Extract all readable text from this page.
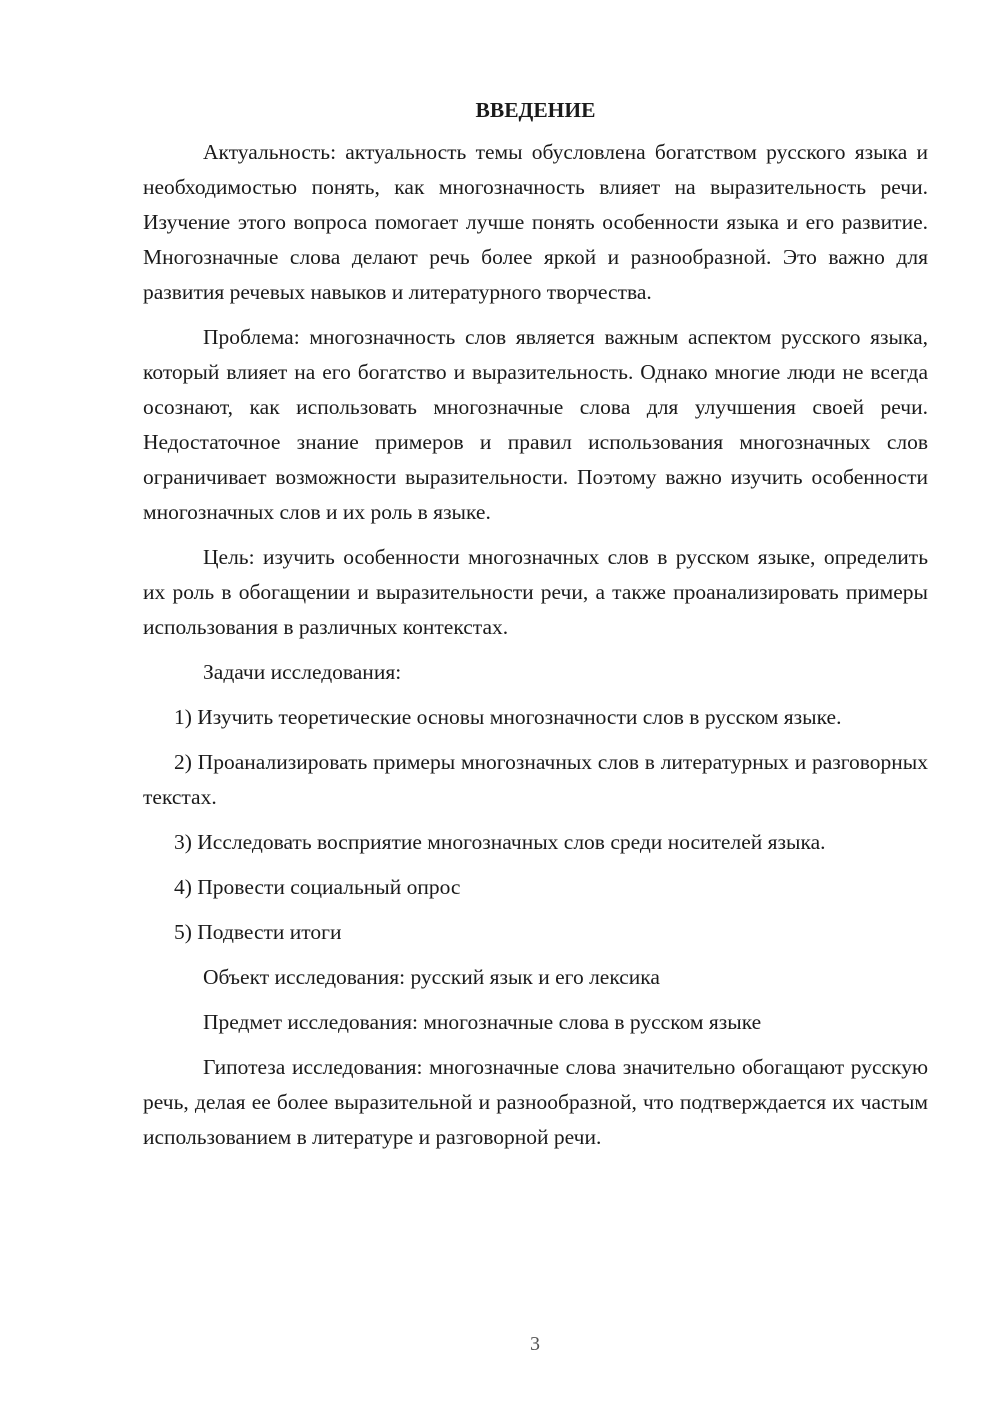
ВВЕДЕНИЕ

Актуальность: актуальность темы обусловлена богатством русского языка и необходимостью понять, как многозначность влияет на выразительность речи. Изучение этого вопроса помогает лучше понять особенности языка и его развитие. Многозначные слова делают речь более яркой и разнообразной. Это важно для развития речевых навыков и литературного творчества.

Проблема: многозначность слов является важным аспектом русского языка, который влияет на его богатство и выразительность. Однако многие люди не всегда осознают, как использовать многозначные слова для улучшения своей речи. Недостаточное знание примеров и правил использования многозначных слов ограничивает возможности выразительности. Поэтому важно изучить особенности многозначных слов и их роль в языке.

Цель: изучить особенности многозначных слов в русском языке, определить их роль в обогащении и выразительности речи, а также проанализировать примеры использования в различных контекстах.

Задачи исследования:

1) Изучить теоретические основы многозначности слов в русском языке.

2) Проанализировать примеры многозначных слов в литературных и разговорных текстах.

3) Исследовать восприятие многозначных слов среди носителей языка.

4) Провести социальный опрос

5) Подвести итоги

Объект исследования: русский язык и его лексика

Предмет исследования: многозначные слова в русском языке

Гипотеза исследования: многозначные слова значительно обогащают русскую речь, делая ее более выразительной и разнообразной, что подтверждается их частым использованием в литературе и разговорной речи.

3
